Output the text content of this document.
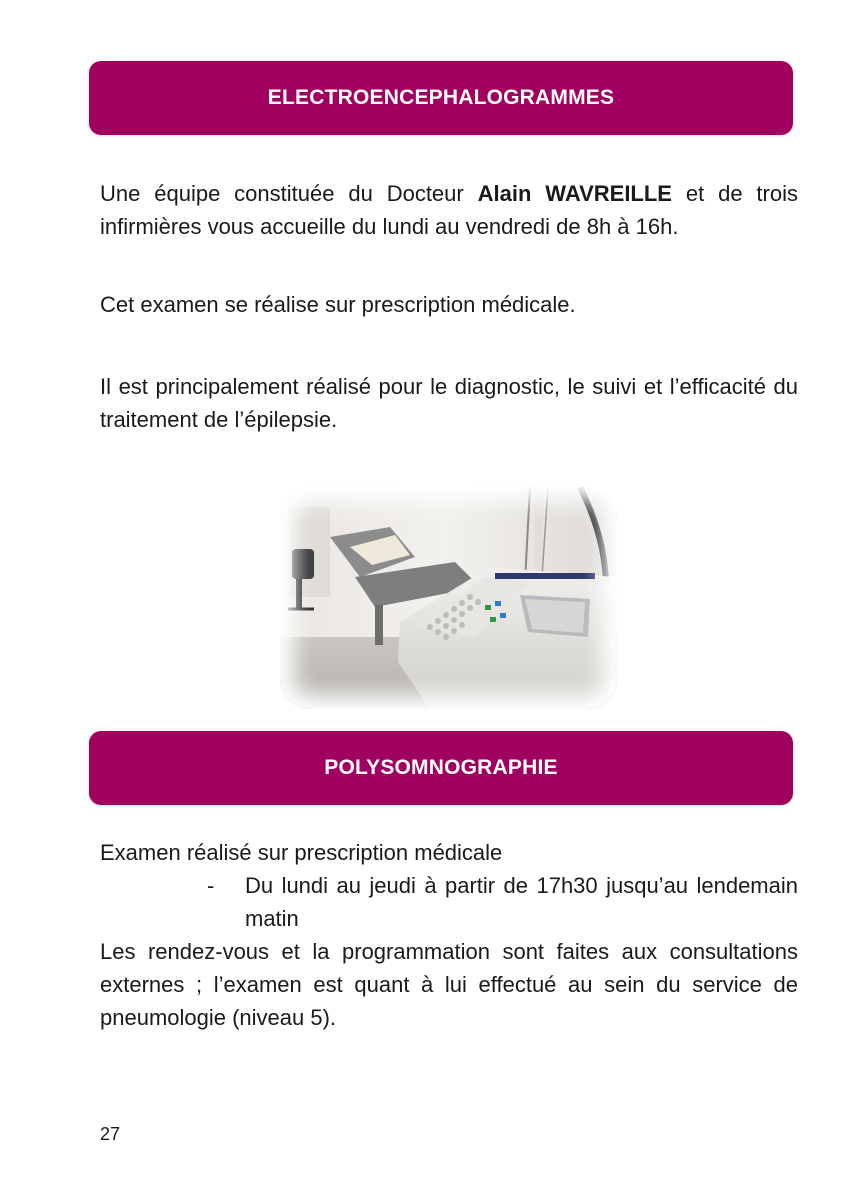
ELECTROENCEPHALOGRAMMES

Une équipe constituée du Docteur Alain WAVREILLE et de trois infirmières vous accueille du lundi au vendredi de 8h à 16h.

Cet examen se réalise sur prescription médicale.

Il est principalement réalisé pour le diagnostic, le suivi et l’efficacité du traitement de l’épilepsie.

POLYSOMNOGRAPHIE

Examen réalisé sur prescription médicale

-	Du lundi au jeudi à partir de 17h30 jusqu’au lendemain matin

Les rendez-vous et la programmation sont faites aux consultations externes ; l’examen est quant à lui effectué au sein du service de pneumologie (niveau 5).

27
